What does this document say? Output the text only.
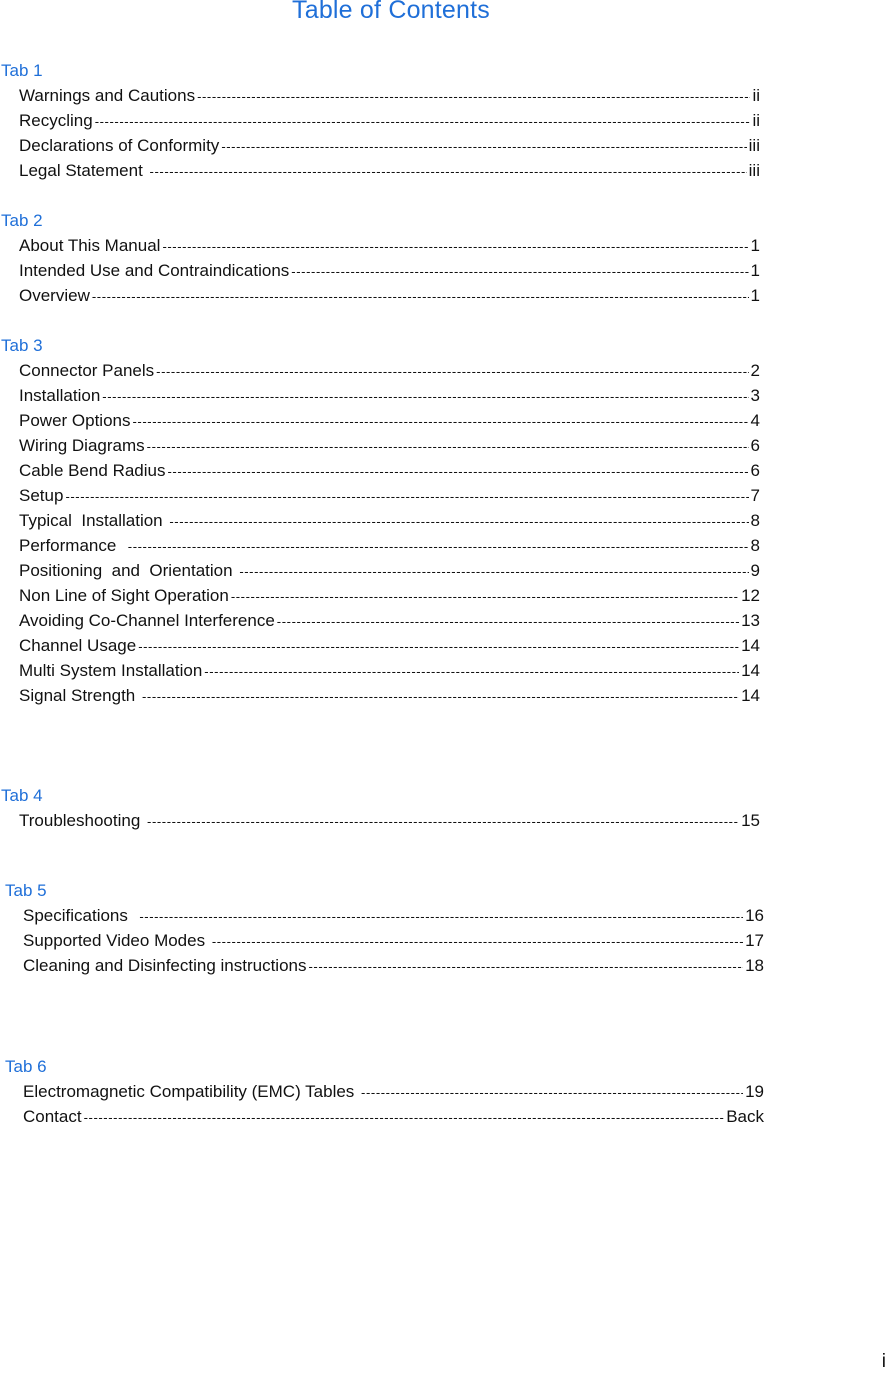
Table of Contents
Tab 1
Warnings and Cautions -----	ii
Recycling -----	ii
Declarations of Conformity -----	iii
Legal Statement -----	iii
Tab 2
About This Manual -----	1
Intended Use and Contraindications -----	1
Overview -----	1
Tab 3
Connector Panels -----	2
Installation -----	3
Power Options -----	4
Wiring Diagrams -----	6
Cable Bend Radius -----	6
Setup -----	7
Typical  Installation -----	8
Performance -----	8
Positioning  and  Orientation -----	9
Non Line of Sight Operation -----	12
Avoiding Co-Channel Interference -----	13
Channel Usage -----	14
Multi System Installation -----	14
Signal Strength -----	14
Tab 4
Troubleshooting -----	15
Tab 5
Specifications -----	16
Supported Video Modes -----	17
Cleaning and Disinfecting instructions -----	18
Tab 6
Electromagnetic Compatibility (EMC) Tables -----	19
Contact -----	Back
i
